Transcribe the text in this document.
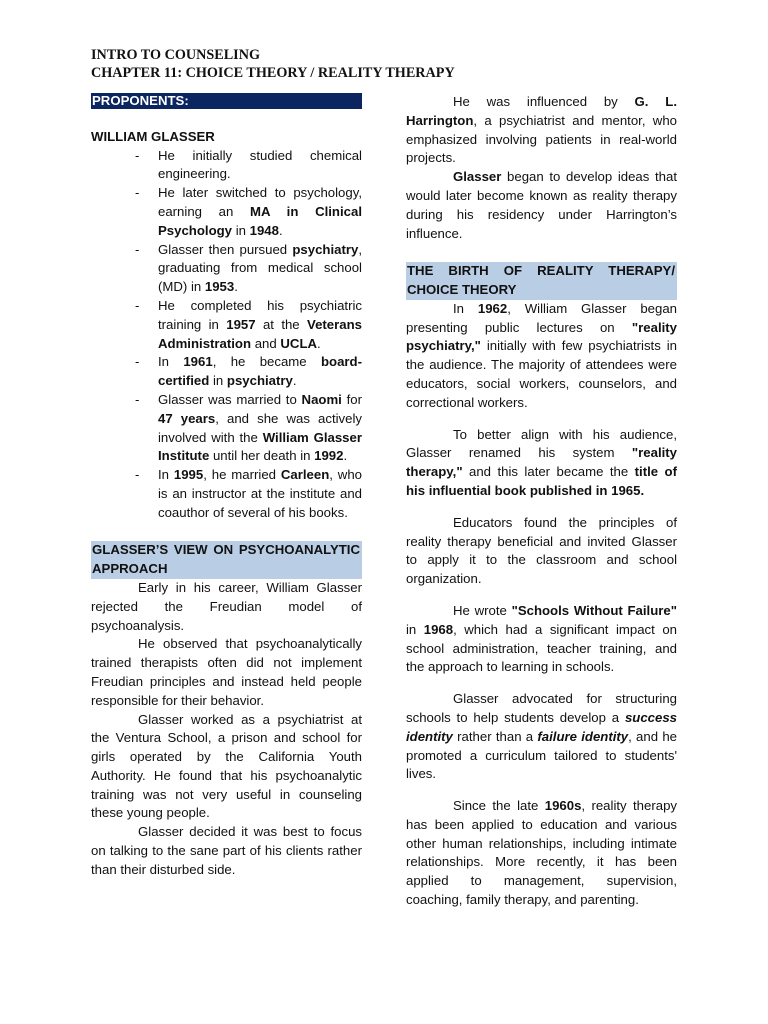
INTRO TO COUNSELING
CHAPTER 11: CHOICE THEORY / REALITY THERAPY
PROPONENTS:
WILLIAM GLASSER
- He initially studied chemical engineering.
- He later switched to psychology, earning an MA in Clinical Psychology in 1948.
- Glasser then pursued psychiatry, graduating from medical school (MD) in 1953.
- He completed his psychiatric training in 1957 at the Veterans Administration and UCLA.
- In 1961, he became board-certified in psychiatry.
- Glasser was married to Naomi for 47 years, and she was actively involved with the William Glasser Institute until her death in 1992.
- In 1995, he married Carleen, who is an instructor at the institute and coauthor of several of his books.
GLASSER’S VIEW ON PSYCHOANALYTIC APPROACH

Early in his career, William Glasser rejected the Freudian model of psychoanalysis.

He observed that psychoanalytically trained therapists often did not implement Freudian principles and instead held people responsible for their behavior.

Glasser worked as a psychiatrist at the Ventura School, a prison and school for girls operated by the California Youth Authority. He found that his psychoanalytic training was not very useful in counseling these young people.

Glasser decided it was best to focus on talking to the sane part of his clients rather than their disturbed side.

He was influenced by G. L. Harrington, a psychiatrist and mentor, who emphasized involving patients in real-world projects.

Glasser began to develop ideas that would later become known as reality therapy during his residency under Harrington’s influence.

THE BIRTH OF REALITY THERAPY/ CHOICE THEORY

In 1962, William Glasser began presenting public lectures on "reality psychiatry," initially with few psychiatrists in the audience. The majority of attendees were educators, social workers, counselors, and correctional workers.

To better align with his audience, Glasser renamed his system "reality therapy," and this later became the title of his influential book published in 1965.

Educators found the principles of reality therapy beneficial and invited Glasser to apply it to the classroom and school organization.

He wrote "Schools Without Failure" in 1968, which had a significant impact on school administration, teacher training, and the approach to learning in schools.

Glasser advocated for structuring schools to help students develop a success identity rather than a failure identity, and he promoted a curriculum tailored to students' lives.

Since the late 1960s, reality therapy has been applied to education and various other human relationships, including intimate relationships. More recently, it has been applied to management, supervision, coaching, family therapy, and parenting.
